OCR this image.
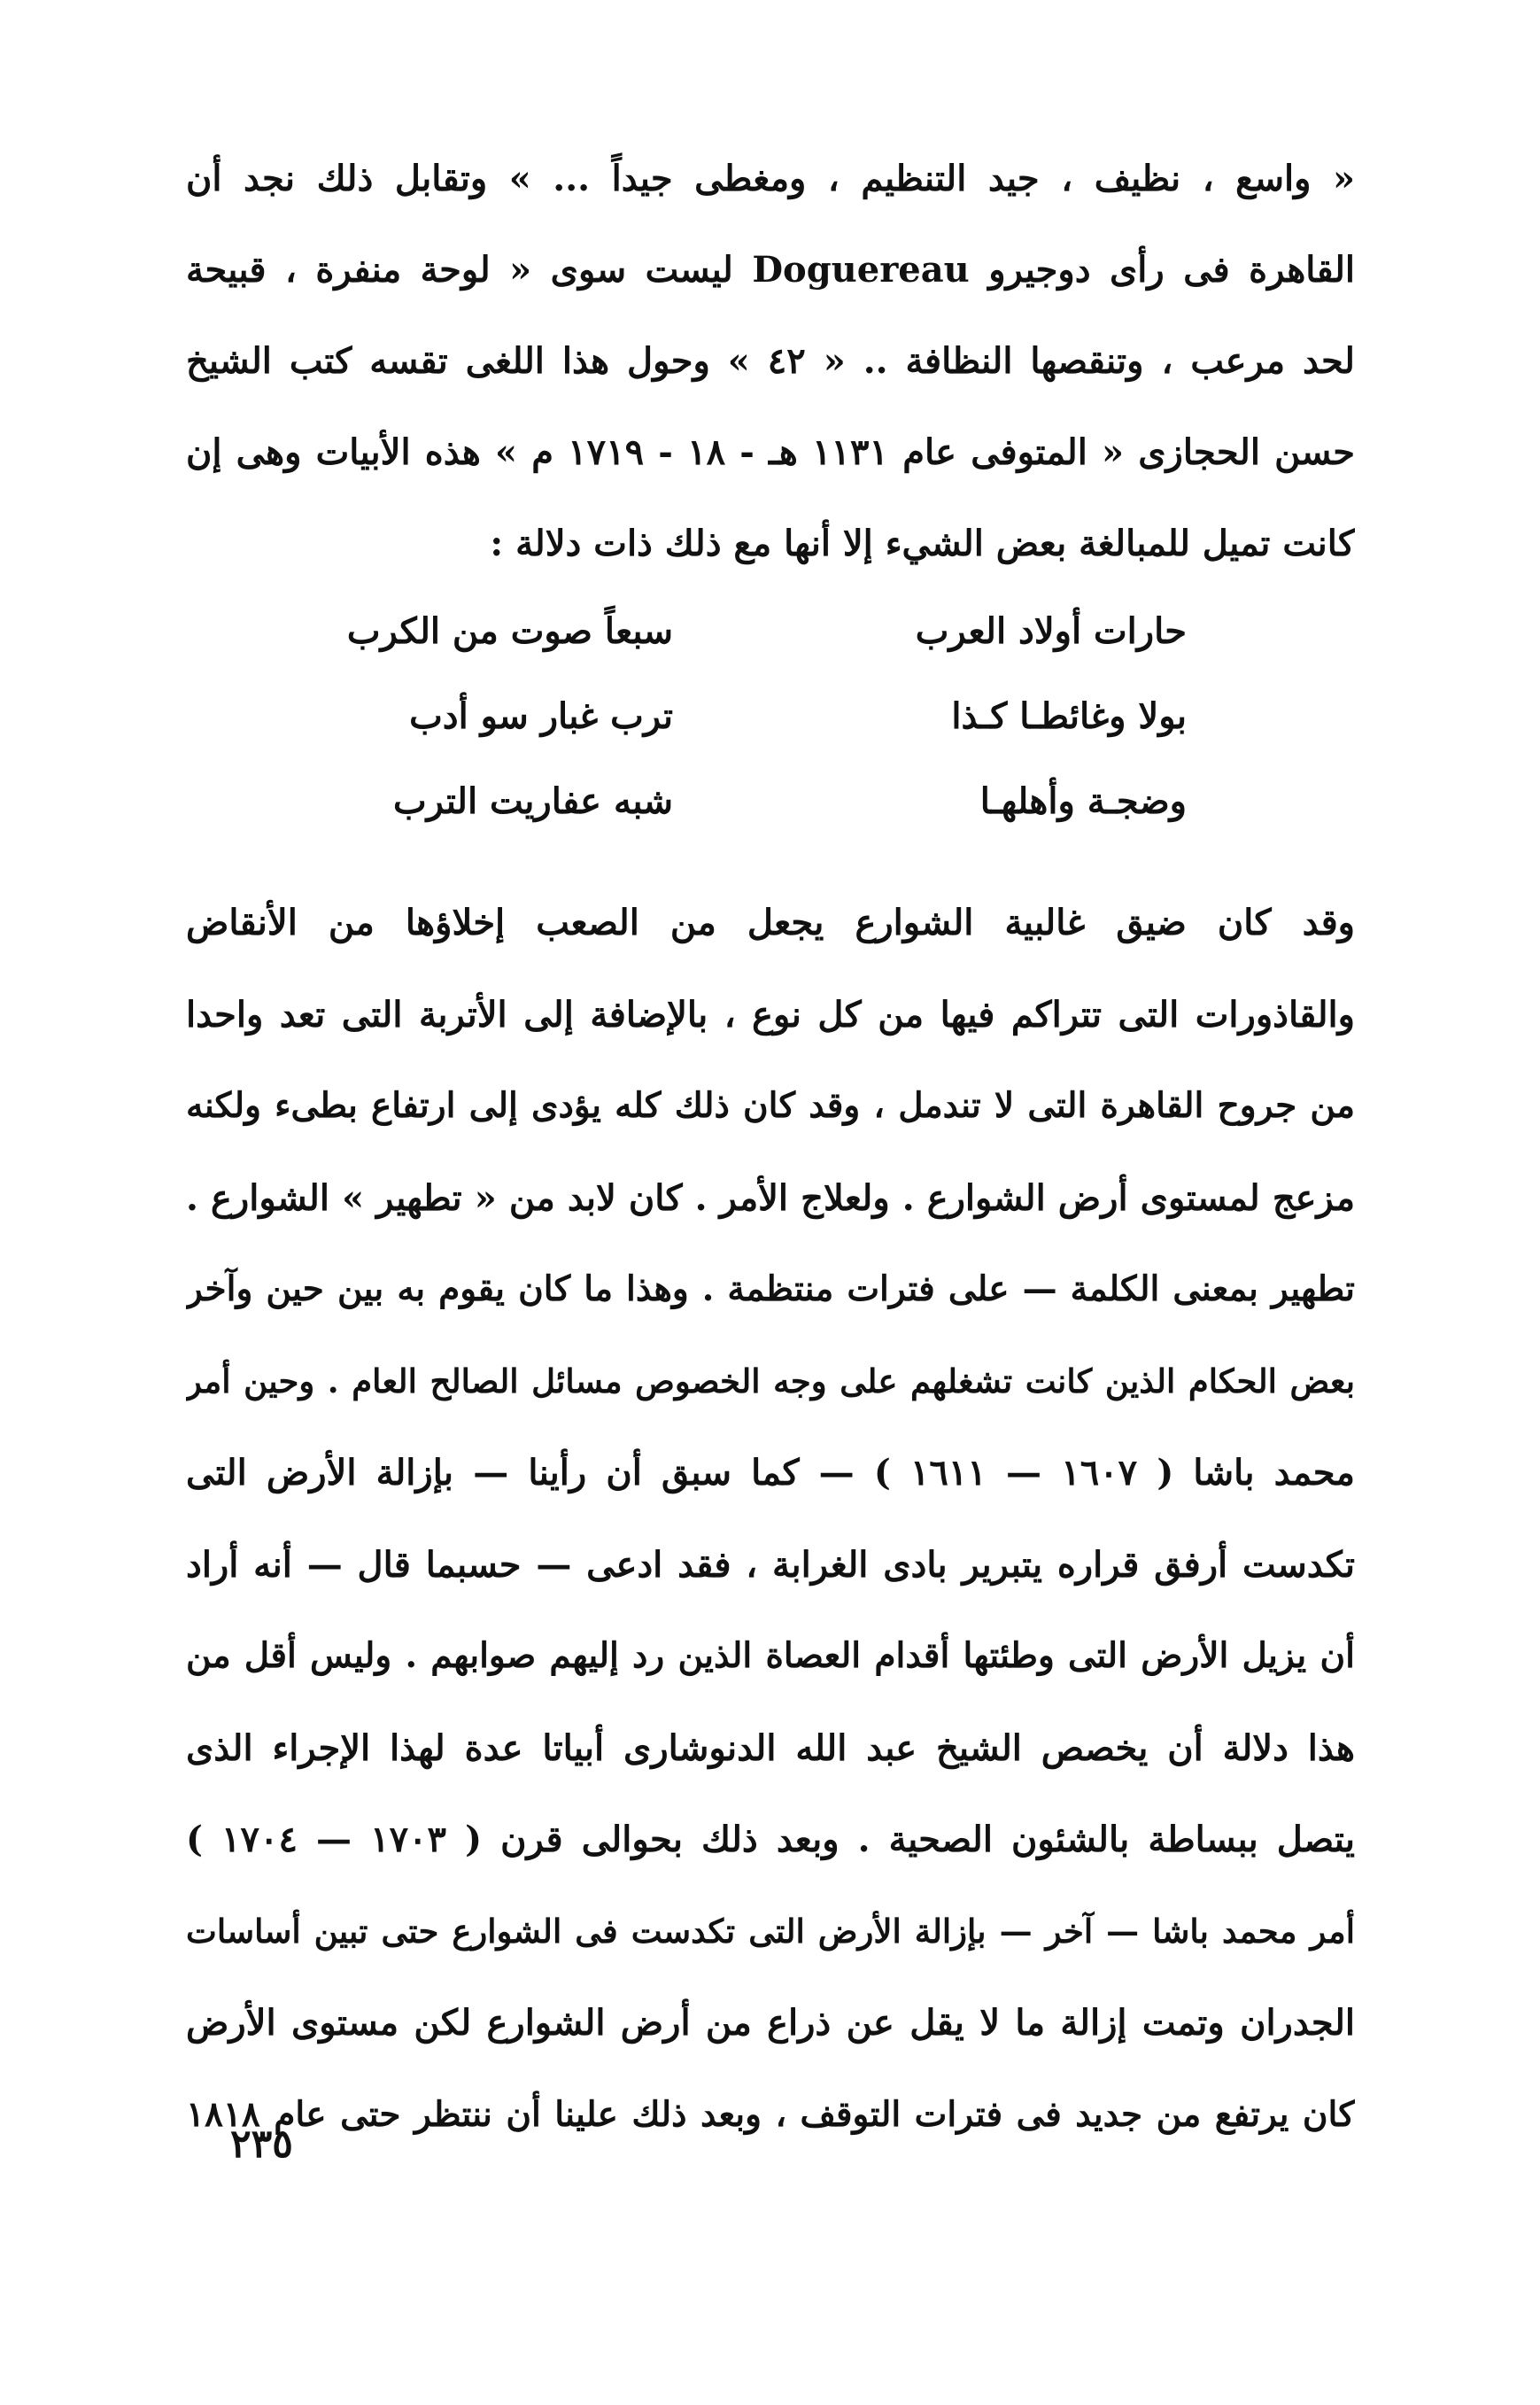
« واسع ، نظيف ، جيد التنظيم ، ومغطى جيداً ... » وتقابل ذلك نجد أن
القاهرة فى رأى دوجيرو Doguereau ليست سوى « لوحة منفرة ، قبيحة
لحد مرعب ، وتنقصها النظافة .. « ٤٢ » وحول هذا اللغى تقسه كتب الشيخ
حسن الحجازى « المتوفى عام ١١٣١ هـ - ١٨ - ١٧١٩ م » هذه الأبيات وهى إن
كانت تميل للمبالغة بعض الشيء إلا أنها مع ذلك ذات دلالة :
حارات أولاد العرب
سبعاً صوت من الكرب
بولا وغائطـا كـذا
ترب غبار سو أدب
وضجـة وأهلهـا
شبه عفاريت الترب
وقد كان ضيق غالبية الشوارع يجعل من الصعب إخلاؤها من الأنقاض
والقاذورات التى تتراكم فيها من كل نوع ، بالإضافة إلى الأتربة التى تعد واحدا
من جروح القاهرة التى لا تندمل ، وقد كان ذلك كله يؤدى إلى ارتفاع بطىء ولكنه
مزعج لمستوى أرض الشوارع . ولعلاج الأمر . كان لابد من « تطهير » الشوارع .
تطهير بمعنى الكلمة — على فترات منتظمة . وهذا ما كان يقوم به بين حين وآخر
بعض الحكام الذين كانت تشغلهم على وجه الخصوص مسائل الصالح العام . وحين أمر
محمد باشا ( ١٦٠٧ — ١٦١١ ) — كما سبق أن رأينا — بإزالة الأرض التى
تكدست أرفق قراره يتبرير بادى الغرابة ، فقد ادعى — حسبما قال — أنه أراد
أن يزيل الأرض التى وطئتها أقدام العصاة الذين رد إليهم صوابهم . وليس أقل من
هذا دلالة أن يخصص الشيخ عبد الله الدنوشارى أبياتا عدة لهذا الإجراء الذى
يتصل ببساطة بالشئون الصحية . وبعد ذلك بحوالى قرن ( ١٧٠٣ — ١٧٠٤ )
أمر محمد باشا — آخر — بإزالة الأرض التى تكدست فى الشوارع حتى تبين أساسات
الجدران وتمت إزالة ما لا يقل عن ذراع من أرض الشوارع لكن مستوى الأرض
كان يرتفع من جديد فى فترات التوقف ، وبعد ذلك علينا أن ننتظر حتى عام ١٨١٨
٢٣٥
